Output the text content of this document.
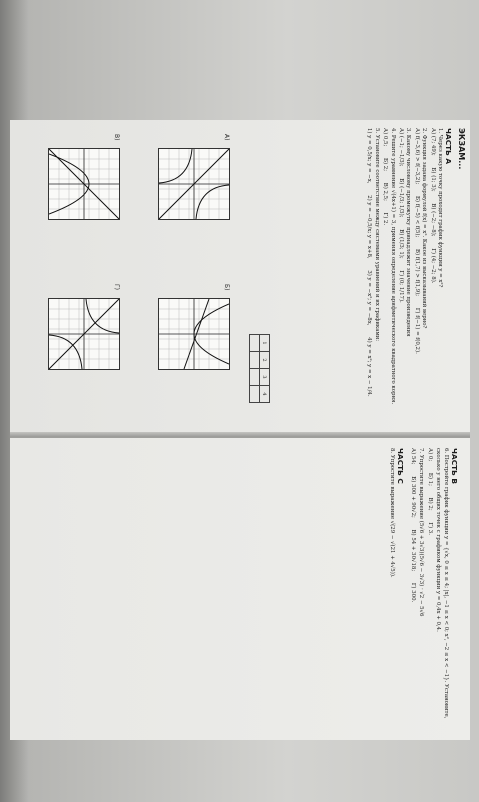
ЭКЗАМ...
ЧАСТЬ А
1. Через какую точку проходит график функции y = x²?
А) (7; 49); Б) (1; 3); В) (−2; −8); Г) (4; −2; 8).
2. Функция задана формулой f(x) = x². Какое из высказываний верно?
А) f(−3,6) > f(−3,2); Б) f(−5) < f(5); В) f(1,7) > f(1,9); Г) f(−1) = f(0,2).
3. Какому числовому промежутку принадлежит значение произведения
А) (−1; −1/3); Б) (−1/3; 1/3); В) (1/3; 1); Г) (0; 1/17).
4. Решите уравнение √(4x+1) = 3, применяя определение арифметического квадратного корня.
А) 0,5; Б) 2; В) 2,5; Г) 2.
5. Установите соответствие между системами уравнений и их графиками:
1) y = 0,5/x; y = −x, 2) y = −0,5/x; y = x+8, 3) y = −x²; y = −8x, 4) y = x²; y = x − 1/4.
1	2	3	4

А)
Б)
В)
Г)
ЧАСТЬ В
6. Постройте график функции y = {√x, 0 ≤ x ≤ 4; |x|, −1 ≤ x < 0; x², −2 ≤ x < −1}. Установите, сколько у него общих точек с графиком функции y = 0,4x + 0,4.
А) 0; Б) 1; В) 2; Г) 3.
7. Упростите выражение (5√6 + 3√3)(5√6 − 3√3) · √2 − 5√6
А) 54; Б) 300 + 90√2; В) 54 + 30√18; Г) 300.
ЧАСТЬ С
8. Упростите выражение √(29 − √(21 + 4√5)).
